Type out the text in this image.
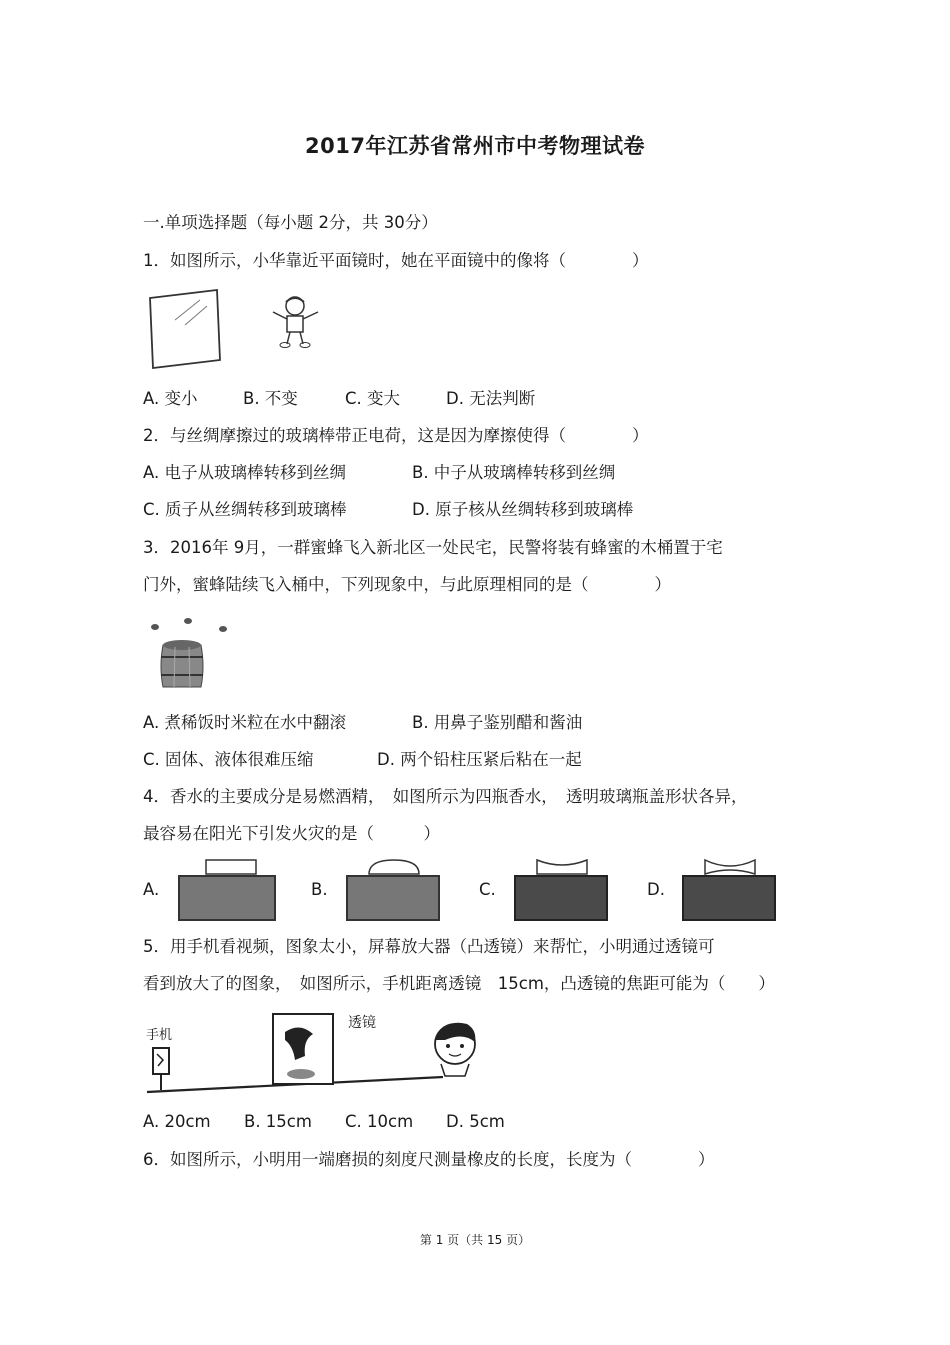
2017年江苏省常州市中考物理试卷
一.单项选择题（每小题 2分，共 30分）
1．如图所示，小华靠近平面镜时，她在平面镜中的像将（　　　　）
A. 变小	B. 不变	C. 变大	D. 无法判断
2．与丝绸摩擦过的玻璃棒带正电荷，这是因为摩擦使得（　　　　）
A. 电子从玻璃棒转移到丝绸	B. 中子从玻璃棒转移到丝绸
C. 质子从丝绸转移到玻璃棒	D. 原子核从丝绸转移到玻璃棒
3．2016年 9月，一群蜜蜂飞入新北区一处民宅，民警将装有蜂蜜的木桶置于宅
门外，蜜蜂陆续飞入桶中，下列现象中，与此原理相同的是（　　　　）
A. 煮稀饭时米粒在水中翻滚	B. 用鼻子鉴别醋和酱油
C. 固体、液体很难压缩	D. 两个铅柱压紧后粘在一起
4．香水的主要成分是易燃酒精，　如图所示为四瓶香水，　透明玻璃瓶盖形状各异，
最容易在阳光下引发火灾的是（　　　）
A.	B.	C.	D.
5．用手机看视频，图象太小，屏幕放大器（凸透镜）来帮忙，小明通过透镜可
看到放大了的图象，　如图所示，手机距离透镜　15cm，凸透镜的焦距可能为（　　）
手机
透镜
A. 20cm B. 15cm C. 10cm D. 5cm
6．如图所示，小明用一端磨损的刻度尺测量橡皮的长度，长度为（　　　　）
第 1 页（共 15 页）
